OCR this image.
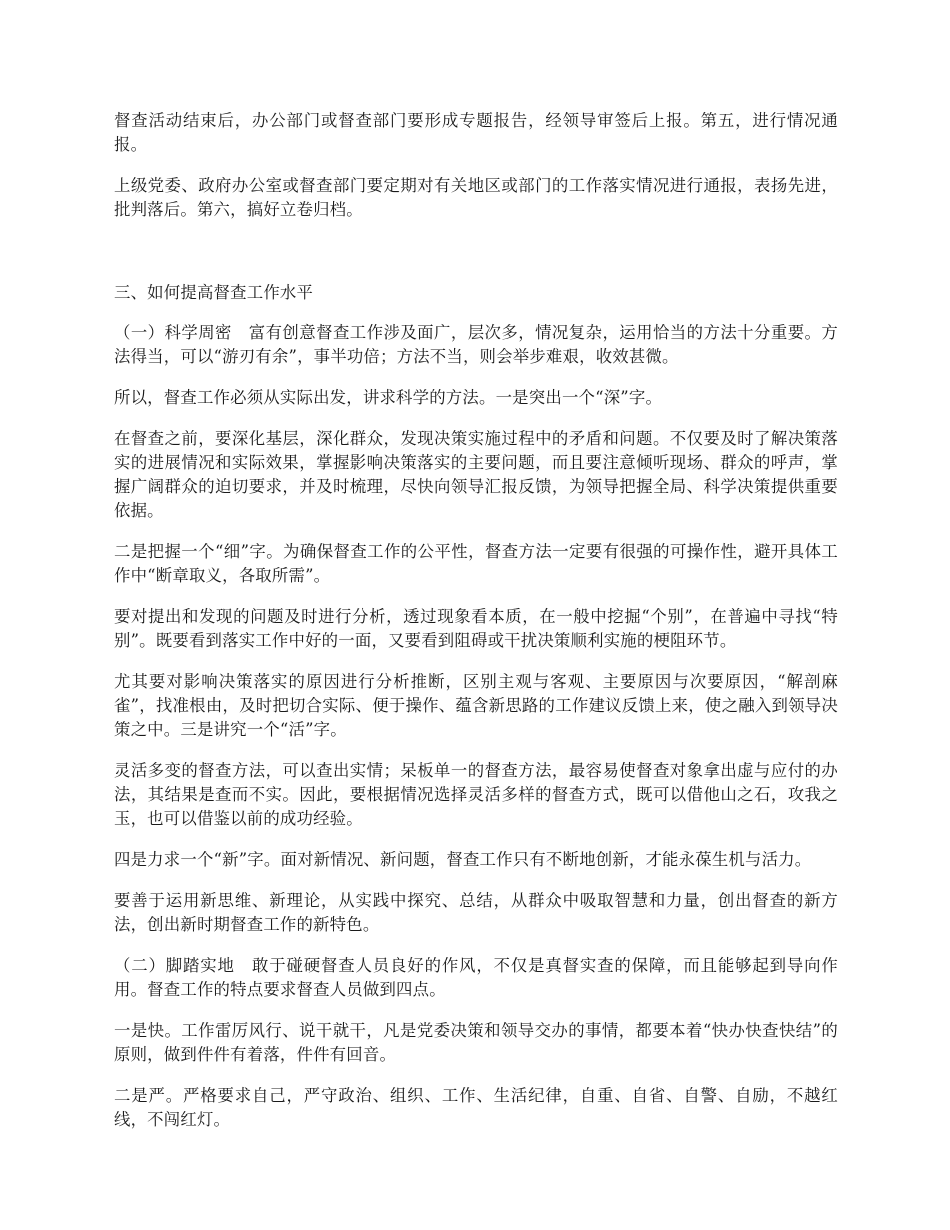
督查活动结束后，办公部门或督查部门要形成专题报告，经领导审签后上报。第五，进行情况通报。

上级党委、政府办公室或督查部门要定期对有关地区或部门的工作落实情况进行通报，表扬先进，批判落后。第六，搞好立卷归档。

三、如何提高督查工作水平

（一）科学周密　富有创意督查工作涉及面广，层次多，情况复杂，运用恰当的方法十分重要。方法得当，可以“游刃有余”，事半功倍；方法不当，则会举步难艰，收效甚微。

所以，督查工作必须从实际出发，讲求科学的方法。一是突出一个“深”字。

在督查之前，要深化基层，深化群众，发现决策实施过程中的矛盾和问题。不仅要及时了解决策落实的进展情况和实际效果，掌握影响决策落实的主要问题，而且要注意倾听现场、群众的呼声，掌握广阔群众的迫切要求，并及时梳理，尽快向领导汇报反馈，为领导把握全局、科学决策提供重要依据。

二是把握一个“细”字。为确保督查工作的公平性，督查方法一定要有很强的可操作性，避开具体工作中“断章取义，各取所需”。

要对提出和发现的问题及时进行分析，透过现象看本质，在一般中挖掘“个别”，在普遍中寻找“特别”。既要看到落实工作中好的一面，又要看到阻碍或干扰决策顺利实施的梗阻环节。

尤其要对影响决策落实的原因进行分析推断，区别主观与客观、主要原因与次要原因，“解剖麻雀”，找准根由，及时把切合实际、便于操作、蕴含新思路的工作建议反馈上来，使之融入到领导决策之中。三是讲究一个“活”字。

灵活多变的督查方法，可以查出实情；呆板单一的督查方法，最容易使督查对象拿出虚与应付的办法，其结果是查而不实。因此，要根据情况选择灵活多样的督查方式，既可以借他山之石，攻我之玉，也可以借鉴以前的成功经验。

四是力求一个“新”字。面对新情况、新问题，督查工作只有不断地创新，才能永葆生机与活力。

要善于运用新思维、新理论，从实践中探究、总结，从群众中吸取智慧和力量，创出督查的新方法，创出新时期督查工作的新特色。

（二）脚踏实地　敢于碰硬督查人员良好的作风，不仅是真督实查的保障，而且能够起到导向作用。督查工作的特点要求督查人员做到四点。

一是快。工作雷厉风行、说干就干，凡是党委决策和领导交办的事情，都要本着“快办快查快结”的原则，做到件件有着落，件件有回音。

二是严。严格要求自己，严守政治、组织、工作、生活纪律，自重、自省、自警、自励，不越红线，不闯红灯。
